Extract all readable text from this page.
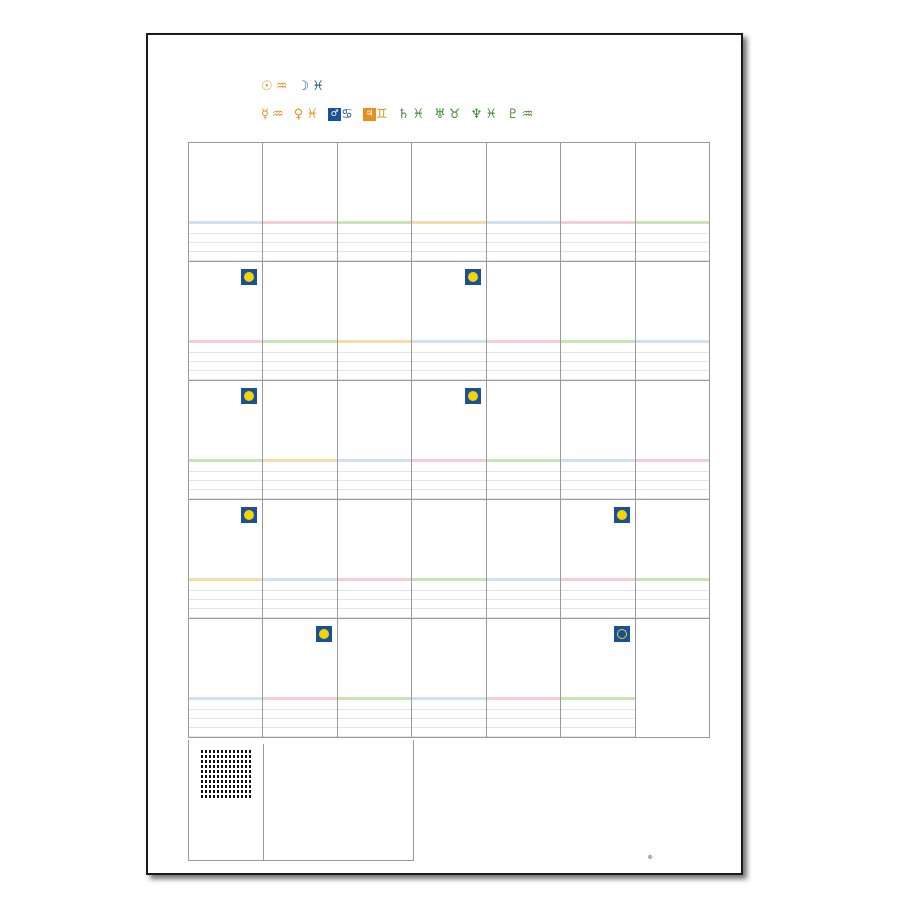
☉♒ ☽♓
☿♒ ♀♓ ♂ ♋ ♃ ♊ ♄♓ ♅♉ ♆♓ ♇♒

®
